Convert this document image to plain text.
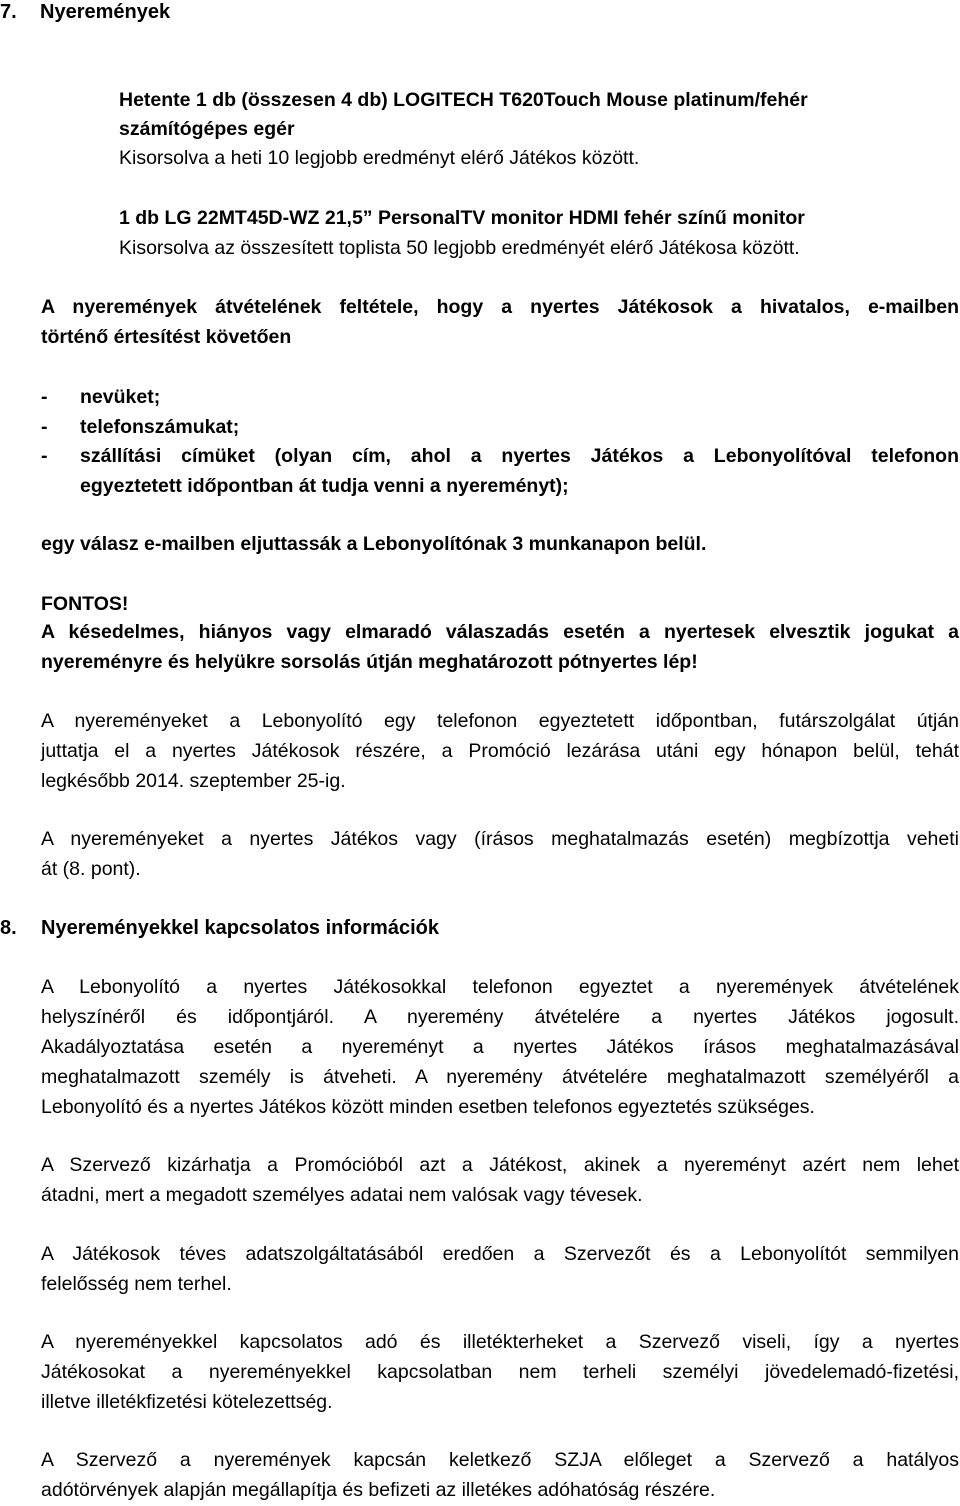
7. Nyeremények
Hetente 1 db (összesen 4 db) LOGITECH T620Touch Mouse platinum/fehér
számítógépes egér
Kisorsolva a heti 10 legjobb eredményt elérő Játékos között.
1 db LG 22MT45D-WZ 21,5” PersonalTV monitor HDMI fehér színű monitor
Kisorsolva az összesített toplista 50 legjobb eredményét elérő Játékosa között.
A nyeremények átvételének feltétele, hogy a nyertes Játékosok a hivatalos, e-mailben
történő értesítést követően
- nevüket;
- telefonszámukat;
- szállítási címüket (olyan cím, ahol a nyertes Játékos a Lebonyolítóval telefonon
egyeztetett időpontban át tudja venni a nyereményt);
egy válasz e-mailben eljuttassák a Lebonyolítónak 3 munkanapon belül.
FONTOS!
A késedelmes, hiányos vagy elmaradó válaszadás esetén a nyertesek elvesztik jogukat a
nyereményre és helyükre sorsolás útján meghatározott pótnyertes lép!
A nyereményeket a Lebonyolító egy telefonon egyeztetett időpontban, futárszolgálat útján
juttatja el a nyertes Játékosok részére, a Promóció lezárása utáni egy hónapon belül, tehát
legkésőbb 2014. szeptember 25-ig.
A nyereményeket a nyertes Játékos vagy (írásos meghatalmazás esetén) megbízottja veheti
át (8. pont).
8. Nyereményekkel kapcsolatos információk
A Lebonyolító a nyertes Játékosokkal telefonon egyeztet a nyeremények átvételének
helyszínéről és időpontjáról. A nyeremény átvételére a nyertes Játékos jogosult.
Akadályoztatása esetén a nyereményt a nyertes Játékos írásos meghatalmazásával
meghatalmazott személy is átveheti. A nyeremény átvételére meghatalmazott személyéről a
Lebonyolító és a nyertes Játékos között minden esetben telefonos egyeztetés szükséges.
A Szervező kizárhatja a Promócióból azt a Játékost, akinek a nyereményt azért nem lehet
átadni, mert a megadott személyes adatai nem valósak vagy tévesek.
A Játékosok téves adatszolgáltatásából eredően a Szervezőt és a Lebonyolítót semmilyen
felelősség nem terhel.
A nyereményekkel kapcsolatos adó és illetékterheket a Szervező viseli, így a nyertes
Játékosokat a nyereményekkel kapcsolatban nem terheli személyi jövedelemadó-fizetési,
illetve illetékfizetési kötelezettség.
A Szervező a nyeremények kapcsán keletkező SZJA előleget a Szervező a hatályos
adótörvények alapján megállapítja és befizeti az illetékes adóhatóság részére.
